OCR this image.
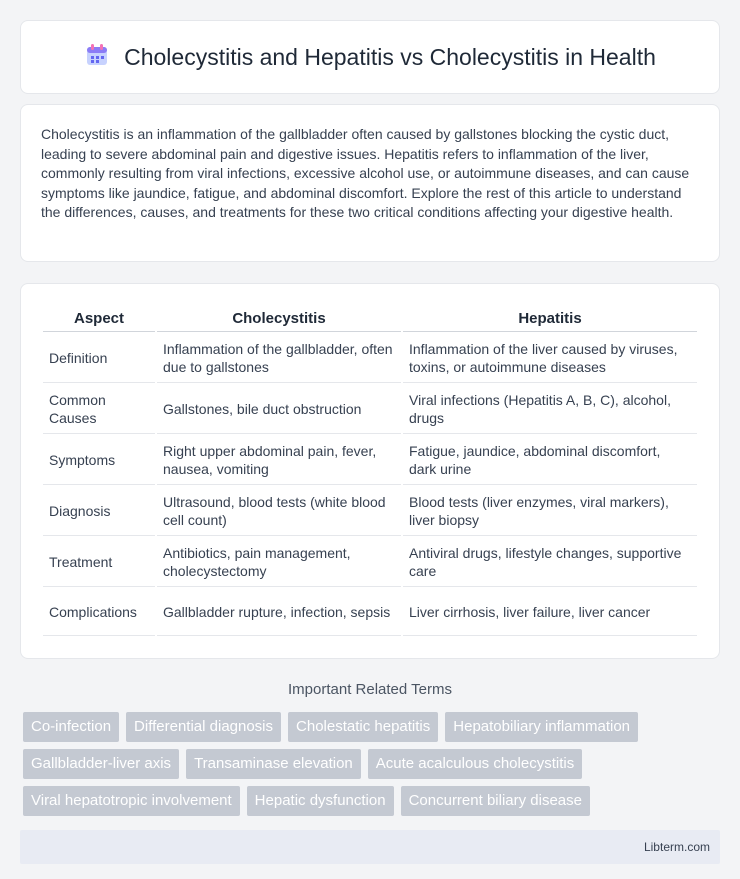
Cholecystitis and Hepatitis vs Cholecystitis in Health

Cholecystitis is an inflammation of the gallbladder often caused by gallstones blocking the cystic duct, leading to severe abdominal pain and digestive issues. Hepatitis refers to inflammation of the liver, commonly resulting from viral infections, excessive alcohol use, or autoimmune diseases, and can cause symptoms like jaundice, fatigue, and abdominal discomfort. Explore the rest of this article to understand the differences, causes, and treatments for these two critical conditions affecting your digestive health.

Aspect	Cholecystitis	Hepatitis
Definition	Inflammation of the gallbladder, often due to gallstones	Inflammation of the liver caused by viruses, toxins, or autoimmune diseases
Common Causes	Gallstones, bile duct obstruction	Viral infections (Hepatitis A, B, C), alcohol, drugs
Symptoms	Right upper abdominal pain, fever, nausea, vomiting	Fatigue, jaundice, abdominal discomfort, dark urine
Diagnosis	Ultrasound, blood tests (white blood cell count)	Blood tests (liver enzymes, viral markers), liver biopsy
Treatment	Antibiotics, pain management, cholecystectomy	Antiviral drugs, lifestyle changes, supportive care
Complications	Gallbladder rupture, infection, sepsis	Liver cirrhosis, liver failure, liver cancer
Important Related Terms
Co-infection	Differential diagnosis	Cholestatic hepatitis	Hepatobiliary inflammation
Gallbladder-liver axis	Transaminase elevation	Acute acalculous cholecystitis
Viral hepatotropic involvement	Hepatic dysfunction	Concurrent biliary disease
Libterm.com
